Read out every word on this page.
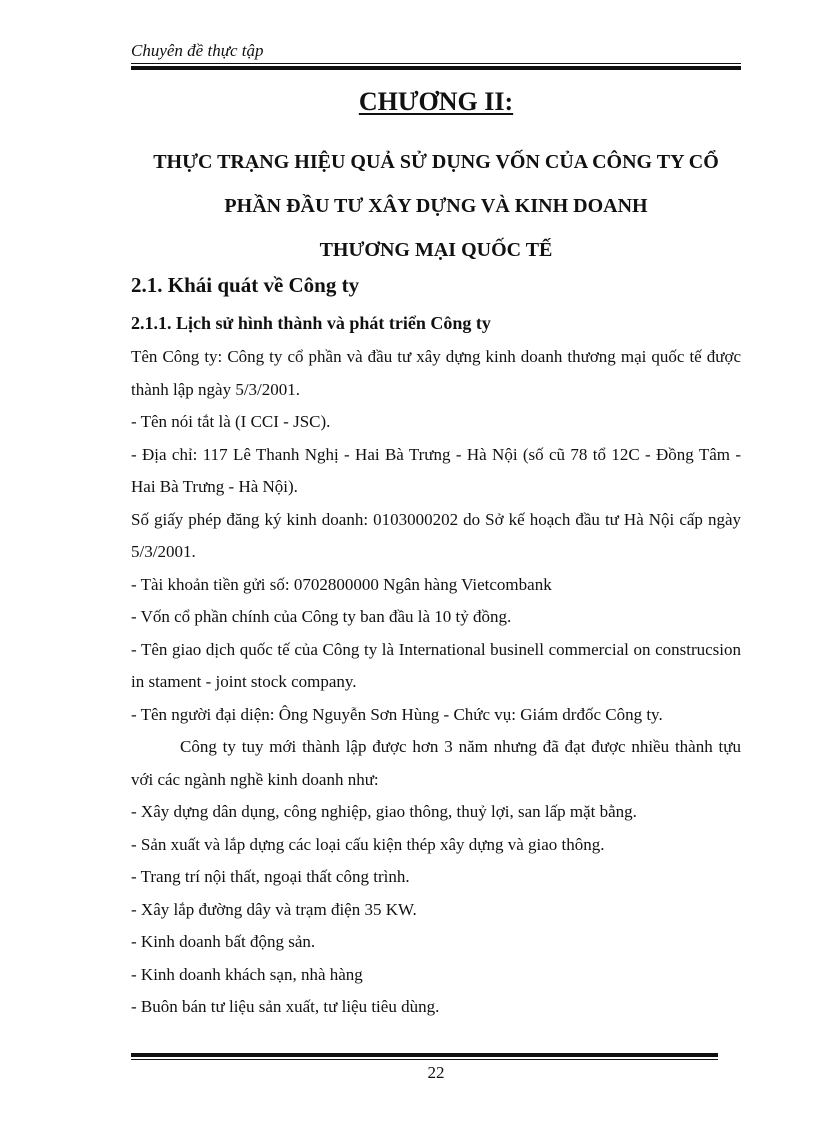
Chuyên đề thực tập
CHƯƠNG II:
THỰC TRẠNG HIỆU QUẢ SỬ DỤNG VỐN CỦA CÔNG TY CỔ
PHẦN ĐẦU TƯ XÂY DỰNG VÀ KINH DOANH
THƯƠNG MẠI QUỐC TẾ
2.1. Khái quát về Công ty
2.1.1. Lịch sử hình thành và phát triển Công ty

Tên Công ty: Công ty cổ phần và đầu tư xây dựng kinh doanh thương mại quốc tế được thành lập ngày 5/3/2001.

- Tên nói tắt là (I CCI - JSC).

- Địa chỉ: 117 Lê Thanh Nghị - Hai Bà Trưng - Hà Nội (số cũ 78 tổ 12C - Đồng Tâm - Hai Bà Trưng - Hà Nội).

Số giấy phép đăng ký kinh doanh: 0103000202 do Sở kế hoạch đầu tư Hà Nội cấp ngày 5/3/2001.

- Tài khoản tiền gửi số: 0702800000 Ngân hàng Vietcombank

- Vốn cổ phần chính của Công ty ban đầu là 10 tỷ đồng.

- Tên giao dịch quốc tế của Công ty là International businell commercial on construcsion in stament - joint stock company.

- Tên người đại diện: Ông Nguyễn Sơn Hùng - Chức vụ: Giám drđốc Công ty.

Công ty tuy mới thành lập được hơn 3 năm nhưng đã đạt được nhiều thành tựu với các ngành nghề kinh doanh như:

- Xây dựng dân dụng, công nghiệp, giao thông, thuỷ lợi, san lấp mặt bằng.

- Sản xuất và lắp dựng các loại cấu kiện thép xây dựng và giao thông.

- Trang trí nội thất, ngoại thất công trình.

- Xây lắp đường dây và trạm điện 35 KW.

- Kinh doanh bất động sản.

- Kinh doanh khách sạn, nhà hàng

- Buôn bán tư liệu sản xuất, tư liệu tiêu dùng.

22
